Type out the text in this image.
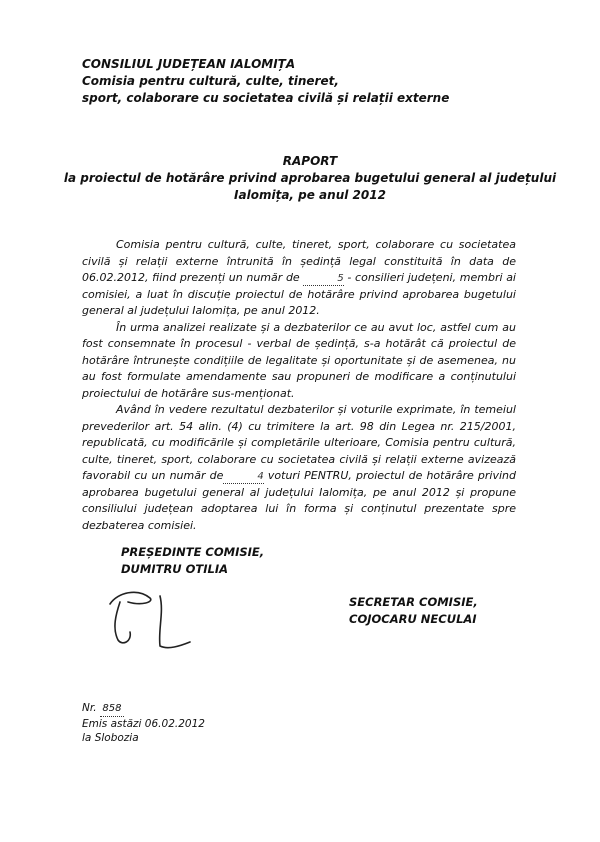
CONSILIUL JUDEȚEAN IALOMIȚA
Comisia pentru cultură, culte, tineret,
sport, colaborare cu societatea civilă și relații externe
RAPORT
la proiectul de hotărâre privind aprobarea bugetului general al județului
Ialomița, pe anul 2012

Comisia pentru cultură, culte, tineret, sport, colaborare cu societatea civilă și relații externe întrunită în ședință legal constituită în data de 06.02.2012, fiind prezenți un număr de	5 - consilieri județeni, membri ai comisiei, a luat în discuție proiectul de hotărâre privind aprobarea bugetului general al județului Ialomița, pe anul 2012.

În urma analizei realizate și a dezbaterilor ce au avut loc, astfel cum au fost consemnate în procesul - verbal de ședință, s-a hotărât că proiectul de hotărâre întrunește condițiile de legalitate și oportunitate și de asemenea, nu au fost formulate amendamente sau propuneri de modificare a conținutului proiectului de hotărâre sus-menționat.

Având în vedere rezultatul dezbaterilor și voturile exprimate, în temeiul prevederilor art. 54 alin. (4) cu trimitere la art. 98 din Legea nr. 215/2001, republicată, cu modificările și completările ulterioare, Comisia pentru cultură, culte, tineret, sport, colaborare cu societatea civilă și relații externe avizează favorabil cu un număr de	4 voturi PENTRU, proiectul de hotărâre privind aprobarea bugetului general al județului Ialomița, pe anul 2012 și propune consiliului județean adoptarea lui în forma și conținutul prezentate spre dezbaterea comisiei.

PREȘEDINTE COMISIE,
DUMITRU OTILIA
SECRETAR COMISIE,
COJOCARU NECULAI
Nr. 858
Emis astăzi 06.02.2012
la Slobozia
